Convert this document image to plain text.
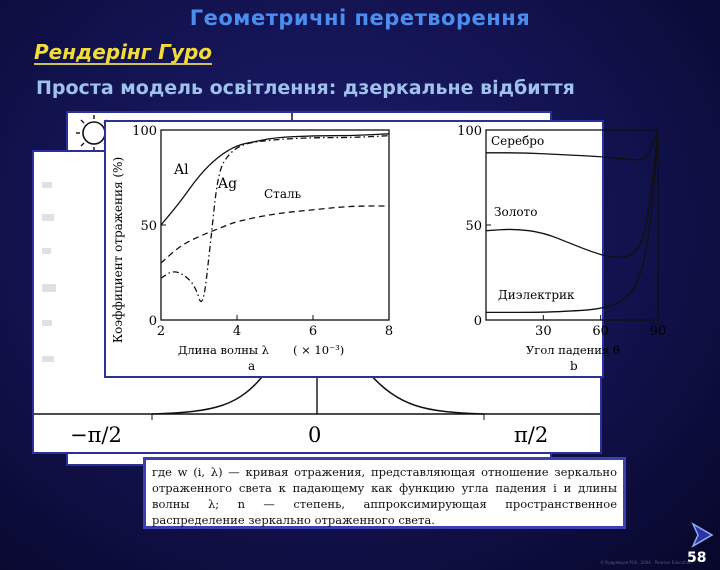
Геометричні перетворення
Рендерінг Гуро
Проста модель освітлення: дзеркальне відбиття
−π/2	0	π/2
Коэффициент отражения (%) 0
50
100
2	4	6	8
Al
Ag
Сталь
0
50
100
30	60	90
Серебро
Золото
Диэлектрик
Длина волны λ ( × 10⁻³)
a
Угол падения θ
b
где w (i, λ) — кривая отражения, представляющая отношение зеркально отраженного света к падающему как функцию угла падения i и длины волны λ; n — степень, аппроксимирующая пространственное распределение зеркально отраженного света.
58
© Кудрявцев М.В., 2004 · Pearson Education
